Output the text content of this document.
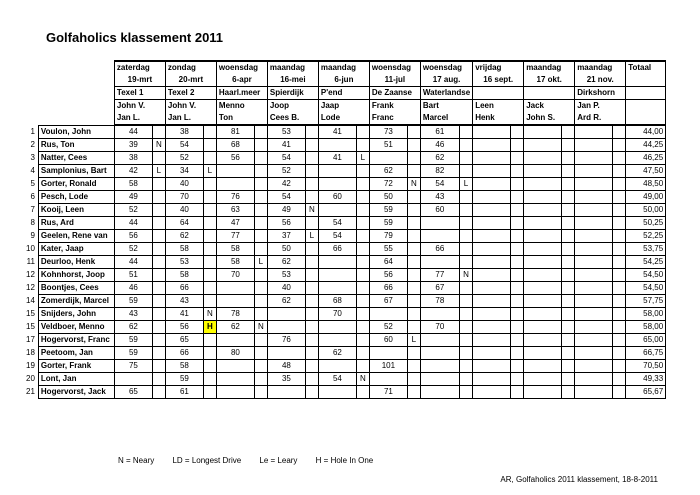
Golfaholics klassement 2011
		zaterdag		zondag		woensdag		maandag		maandag		woensdag		woensdag		vrijdag		maandag		maandag		Totaal
		19-mrt		20-mrt		6-apr		16-mei		6-jun		11-jul		17 aug.		16 sept.		17 okt.		21 nov.		
		Texel 1		Texel 2		Haarl.meer		Spierdijk		P'end		De Zaanse		Waterlandse						Dirkshorn		
		John V.		John V.		Menno		Joop		Jaap		Frank		Bart		Leen		Jack		Jan P.		
		Jan L.		Jan L.		Ton		Cees B.		Lode		Franc		Marcel		Henk		John S.		Ard R.		
1	Voulon, John	44		38		81		53		41		73		61								44,00
2	Rus, Ton	39	N	54		68		41				51		46								44,25
3	Natter, Cees	38		52		56		54		41	L			62								46,25
4	Samplonius, Bart	42	L	34	L			52				62		82								47,50
5	Gorter, Ronald	58		40				42				72	N	54	L							48,50
6	Pesch, Lode	49		70		76		54		60		50		43								49,00
7	Kooij, Leen	52		40		63		49	N			59		60								50,00
8	Rus, Ard	44		64		47		56		54		59										50,25
9	Geelen, Rene van	56		62		77		37	L	54		79										52,25
10	Kater, Jaap	52		58		58		50		66		55		66								53,75
11	Deurloo, Henk	44		53		58	L	62				64										54,25
12	Kohnhorst, Joop	51		58		70		53				56		77	N							54,50
12	Boontjes, Cees	46		66				40				66		67								54,50
14	Zomerdijk, Marcel	59		43				62		68		67		78								57,75
15	Snijders, John	43		41	N	78				70												58,00
15	Veldboer, Menno	62		56	H	62	N					52		70								58,00
17	Hogervorst, Franc	59		65				76				60	L									65,00
18	Peetoom, Jan	59		66		80				62												66,75
19	Gorter, Frank	75		58				48				101										70,50
20	Lont, Jan			59				35		54	N											49,33
21	Hogervorst, Jack	65		61								71										65,67
N = Neary LD = Longest Drive Le = Leary H = Hole In One
AR, Golfaholics 2011 klassement, 18-8-2011
